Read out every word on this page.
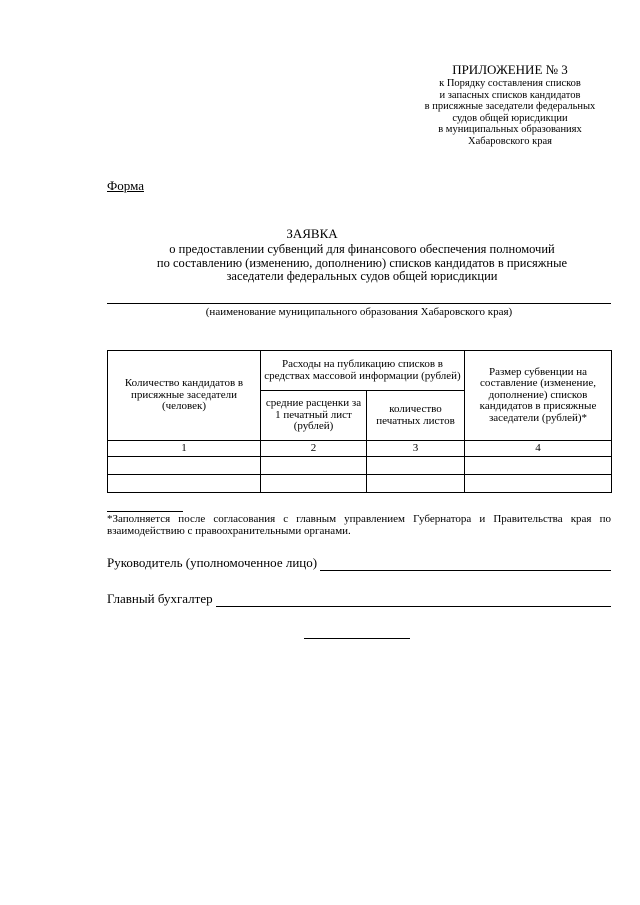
ПРИЛОЖЕНИЕ № 3
к Порядку составления списков
и запасных списков кандидатов
в присяжные заседатели федеральных
судов общей юрисдикции
в муниципальных образованиях
Хабаровского края
Форма
ЗАЯВКА
о предоставлении субвенций для финансового обеспечения полномочий
по составлению (изменению, дополнению) списков кандидатов в присяжные
заседатели федеральных судов общей юрисдикции
(наименование муниципального образования Хабаровского края)
Количество кандидатов в присяжные заседатели (человек)	Расходы на публикацию списков в средствах массовой информации (рублей)		Размер субвенции на составление (изменение, дополнение) списков кандидатов в присяжные заседатели (рублей)*
	средние расценки за 1 печатный лист (рублей)	количество печатных листов	
1	2	3	4

*Заполняется после согласования с главным управлением Губернатора и Правительства края по взаимодействию с правоохранительными органами.
Руководитель (уполномоченное лицо)
Главный бухгалтер
